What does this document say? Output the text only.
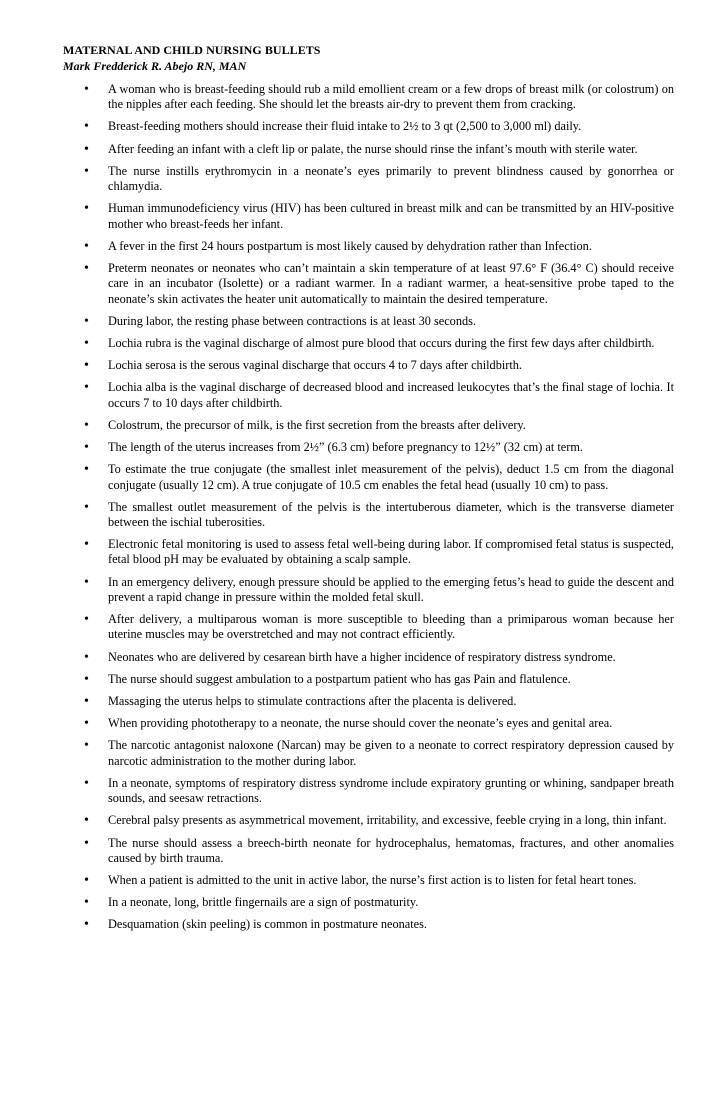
MATERNAL AND CHILD NURSING BULLETS
Mark Fredderick R. Abejo RN, MAN
• A woman who is breast-feeding should rub a mild emollient cream or a few drops of breast milk (or colostrum) on the nipples after each feeding. She should let the breasts air-dry to prevent them from cracking.
• Breast-feeding mothers should increase their fluid intake to 2½ to 3 qt (2,500 to 3,000 ml) daily.
• After feeding an infant with a cleft lip or palate, the nurse should rinse the infant’s mouth with sterile water.
• The nurse instills erythromycin in a neonate’s eyes primarily to prevent blindness caused by gonorrhea or chlamydia.
• Human immunodeficiency virus (HIV) has been cultured in breast milk and can be transmitted by an HIV-positive mother who breast-feeds her infant.
• A fever in the first 24 hours postpartum is most likely caused by dehydration rather than Infection.
• Preterm neonates or neonates who can’t maintain a skin temperature of at least 97.6° F (36.4° C) should receive care in an incubator (Isolette) or a radiant warmer. In a radiant warmer, a heat-sensitive probe taped to the neonate’s skin activates the heater unit automatically to maintain the desired temperature.
• During labor, the resting phase between contractions is at least 30 seconds.
• Lochia rubra is the vaginal discharge of almost pure blood that occurs during the first few days after childbirth.
• Lochia serosa is the serous vaginal discharge that occurs 4 to 7 days after childbirth.
• Lochia alba is the vaginal discharge of decreased blood and increased leukocytes that’s the final stage of lochia. It occurs 7 to 10 days after childbirth.
• Colostrum, the precursor of milk, is the first secretion from the breasts after delivery.
• The length of the uterus increases from 2½” (6.3 cm) before pregnancy to 12½” (32 cm) at term.
• To estimate the true conjugate (the smallest inlet measurement of the pelvis), deduct 1.5 cm from the diagonal conjugate (usually 12 cm). A true conjugate of 10.5 cm enables the fetal head (usually 10 cm) to pass.
• The smallest outlet measurement of the pelvis is the intertuberous diameter, which is the transverse diameter between the ischial tuberosities.
• Electronic fetal monitoring is used to assess fetal well-being during labor. If compromised fetal status is suspected, fetal blood pH may be evaluated by obtaining a scalp sample.
• In an emergency delivery, enough pressure should be applied to the emerging fetus’s head to guide the descent and prevent a rapid change in pressure within the molded fetal skull.
• After delivery, a multiparous woman is more susceptible to bleeding than a primiparous woman because her uterine muscles may be overstretched and may not contract efficiently.
• Neonates who are delivered by cesarean birth have a higher incidence of respiratory distress syndrome.
• The nurse should suggest ambulation to a postpartum patient who has gas Pain and flatulence.
• Massaging the uterus helps to stimulate contractions after the placenta is delivered.
• When providing phototherapy to a neonate, the nurse should cover the neonate’s eyes and genital area.
• The narcotic antagonist naloxone (Narcan) may be given to a neonate to correct respiratory depression caused by narcotic administration to the mother during labor.
• In a neonate, symptoms of respiratory distress syndrome include expiratory grunting or whining, sandpaper breath sounds, and seesaw retractions.
• Cerebral palsy presents as asymmetrical movement, irritability, and excessive, feeble crying in a long, thin infant.
• The nurse should assess a breech-birth neonate for hydrocephalus, hematomas, fractures, and other anomalies caused by birth trauma.
• When a patient is admitted to the unit in active labor, the nurse’s first action is to listen for fetal heart tones.
• In a neonate, long, brittle fingernails are a sign of postmaturity.
• Desquamation (skin peeling) is common in postmature neonates.
